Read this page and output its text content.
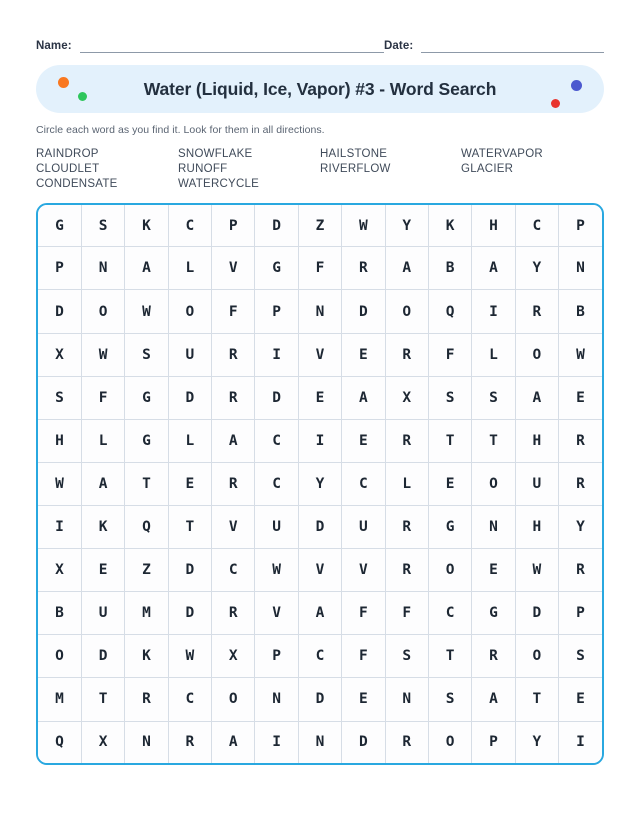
Name:	Date:
Water (Liquid, Ice, Vapor) #3 - Word Search

Circle each word as you find it. Look for them in all directions.

RAINDROP	SNOWFLAKE	HAILSTONE	WATERVAPOR
CLOUDLET	RUNOFF	RIVERFLOW	GLACIER
CONDENSATE	WATERCYCLE
G	S	K	C	P	D	Z	W	Y	K	H	C	P
P	N	A	L	V	G	F	R	A	B	A	Y	N
D	O	W	O	F	P	N	D	O	Q	I	R	B
X	W	S	U	R	I	V	E	R	F	L	O	W
S	F	G	D	R	D	E	A	X	S	S	A	E
H	L	G	L	A	C	I	E	R	T	T	H	R
W	A	T	E	R	C	Y	C	L	E	O	U	R
I	K	Q	T	V	U	D	U	R	G	N	H	Y
X	E	Z	D	C	W	V	V	R	O	E	W	R
B	U	M	D	R	V	A	F	F	C	G	D	P
O	D	K	W	X	P	C	F	S	T	R	O	S
M	T	R	C	O	N	D	E	N	S	A	T	E
Q	X	N	R	A	I	N	D	R	O	P	Y	I
